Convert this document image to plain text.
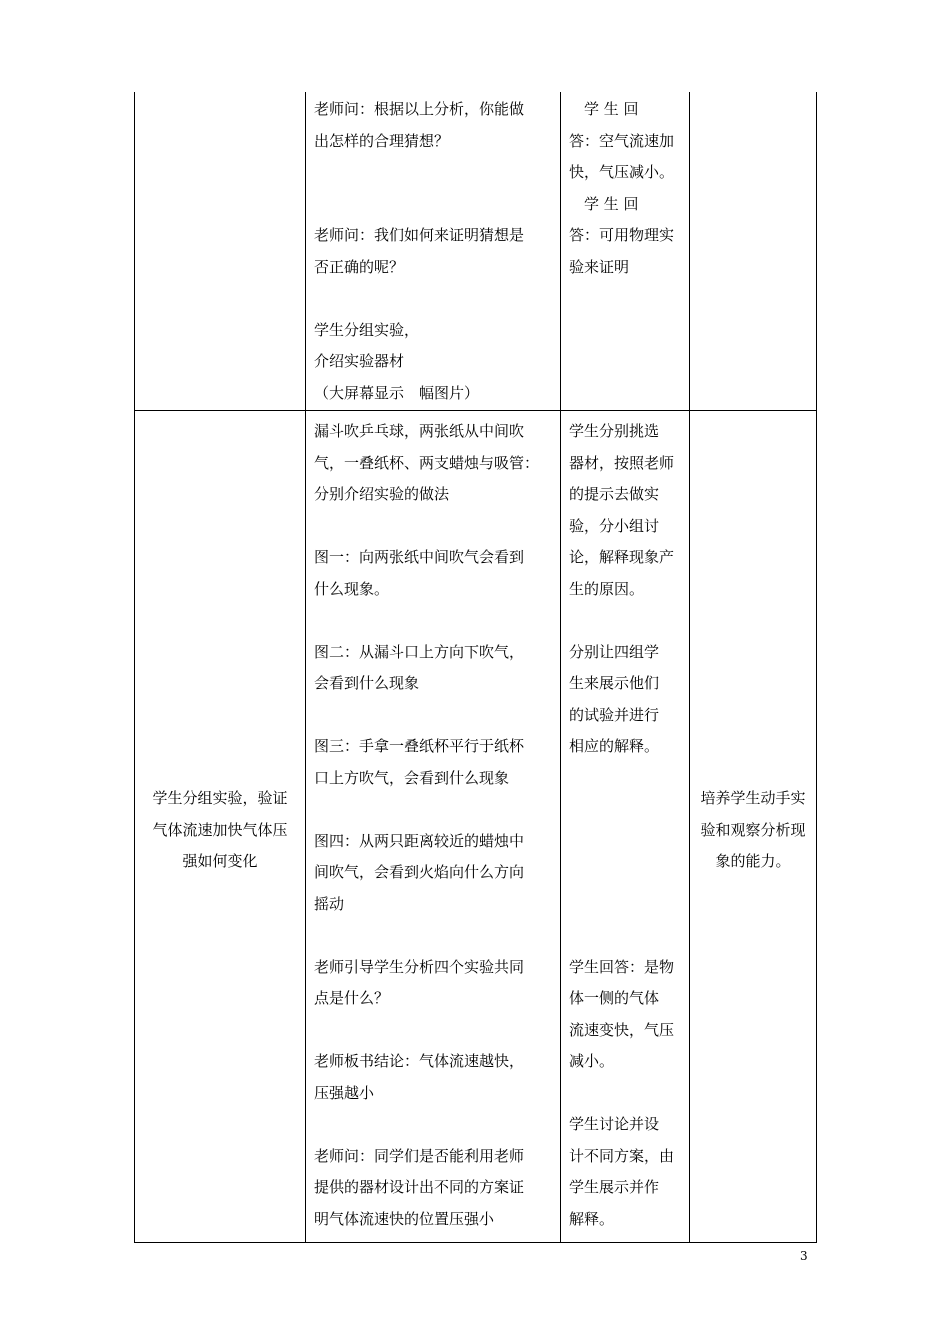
老师问：根据以上分析，你能做
出怎样的合理猜想？

老师问：我们如何来证明猜想是
否正确的呢？

学生分组实验，
介绍实验器材
（大屏幕显示　幅图片）
　学 生 回
答：空气流速加
快，气压减小。
　学 生 回
答：可用物理实
验来证明
学生分组实验，验证
气体流速加快气体压
强如何变化
漏斗吹乒乓球，两张纸从中间吹
气，一叠纸杯、两支蜡烛与吸管：
分别介绍实验的做法

图一：向两张纸中间吹气会看到
什么现象。

图二：从漏斗口上方向下吹气，
会看到什么现象

图三：手拿一叠纸杯平行于纸杯
口上方吹气，会看到什么现象

图四：从两只距离较近的蜡烛中
间吹气，会看到火焰向什么方向
摇动

老师引导学生分析四个实验共同
点是什么？

老师板书结论：气体流速越快，
压强越小

老师问：同学们是否能利用老师
提供的器材设计出不同的方案证
明气体流速快的位置压强小
学生分别挑选
器材，按照老师
的提示去做实
验，分小组讨
论，解释现象产
生的原因。

分别让四组学
生来展示他们
的试验并进行
相应的解释。

学生回答：是物
体一侧的气体
流速变快，气压
减小。

学生讨论并设
计不同方案，由
学生展示并作
解释。
培养学生动手实
验和观察分析现
象的能力。
3
